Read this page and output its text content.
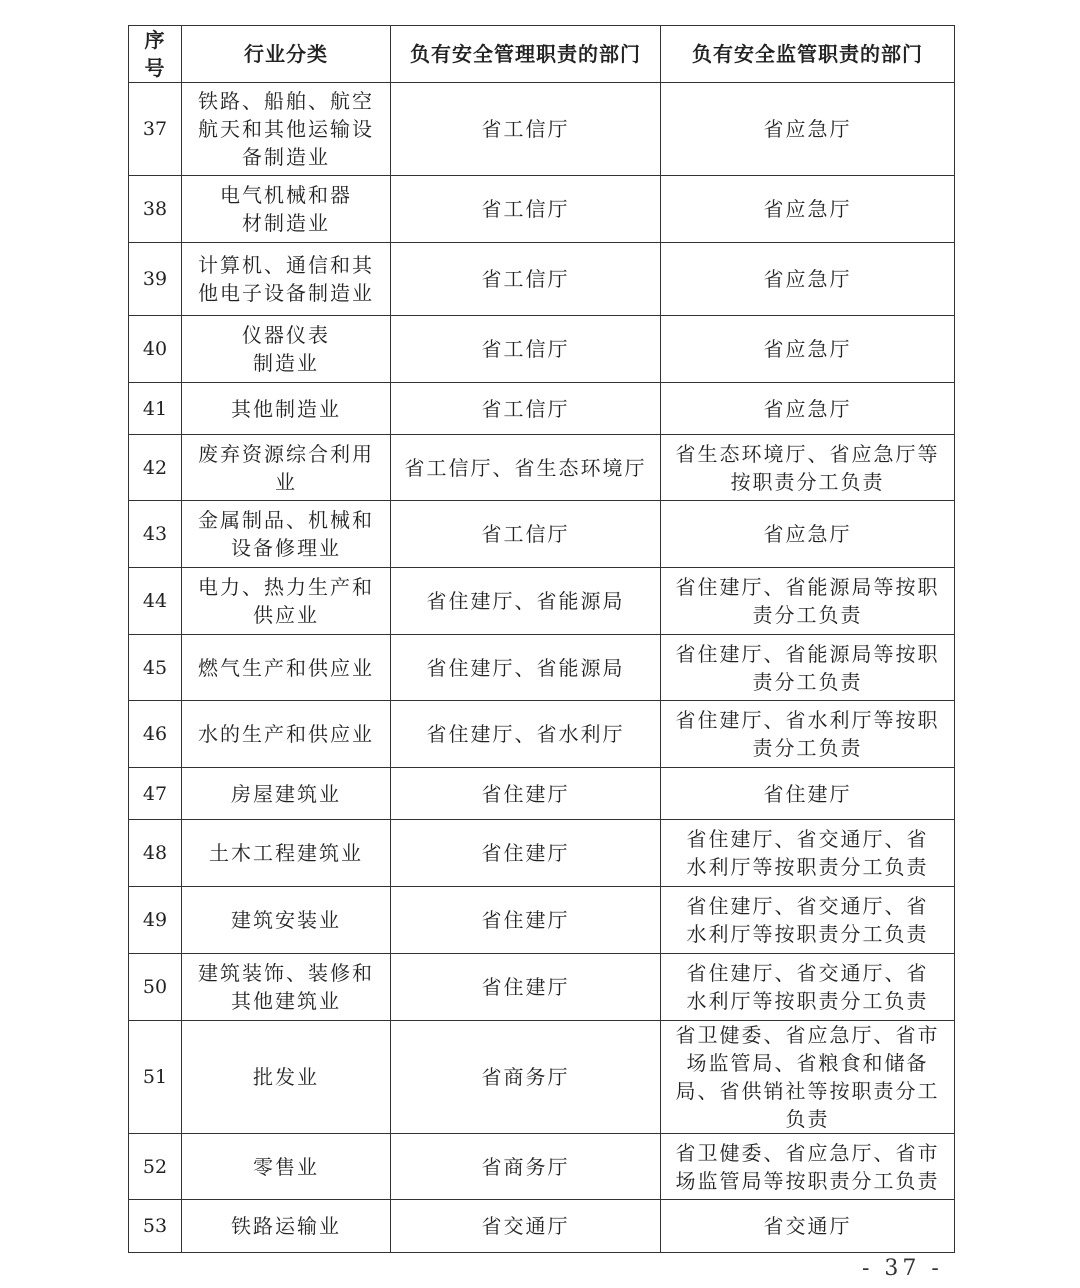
序号	行业分类	负有安全管理职责的部门	负有安全监管职责的部门
37	铁路、船舶、航空航天和其他运输设备制造业	省工信厅	省应急厅
38	电气机械和器材制造业	省工信厅	省应急厅
39	计算机、通信和其他电子设备制造业	省工信厅	省应急厅
40	仪器仪表制造业	省工信厅	省应急厅
41	其他制造业	省工信厅	省应急厅
42	废弃资源综合利用业	省工信厅、省生态环境厅	省生态环境厅、省应急厅等按职责分工负责
43	金属制品、机械和设备修理业	省工信厅	省应急厅
44	电力、热力生产和供应业	省住建厅、省能源局	省住建厅、省能源局等按职责分工负责
45	燃气生产和供应业	省住建厅、省能源局	省住建厅、省能源局等按职责分工负责
46	水的生产和供应业	省住建厅、省水利厅	省住建厅、省水利厅等按职责分工负责
47	房屋建筑业	省住建厅	省住建厅
48	土木工程建筑业	省住建厅	省住建厅、省交通厅、省水利厅等按职责分工负责
49	建筑安装业	省住建厅	省住建厅、省交通厅、省水利厅等按职责分工负责
50	建筑装饰、装修和其他建筑业	省住建厅	省住建厅、省交通厅、省水利厅等按职责分工负责
51	批发业	省商务厅	省卫健委、省应急厅、省市场监管局、省粮食和储备局、省供销社等按职责分工负责
52	零售业	省商务厅	省卫健委、省应急厅、省市场监管局等按职责分工负责
53	铁路运输业	省交通厅	省交通厅
- 37 -
